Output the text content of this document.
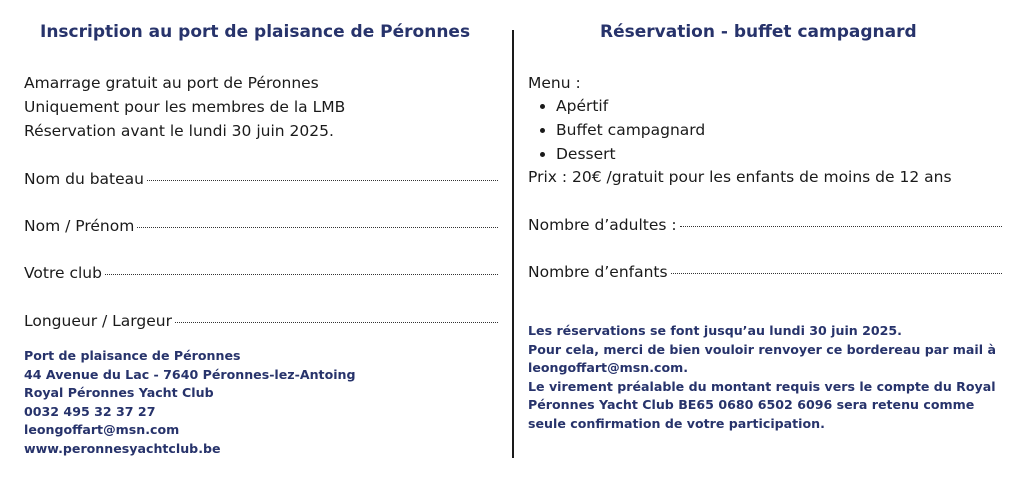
Inscription au port de plaisance de Péronnes
Amarrage gratuit au port de Péronnes
Uniquement pour les membres de la LMB
Réservation avant le lundi 30 juin 2025.
Nom du bateau
Nom / Prénom
Votre club
Longueur / Largeur
Port de plaisance de Péronnes
44 Avenue du Lac - 7640 Péronnes-lez-Antoing
Royal Péronnes Yacht Club
0032 495 32 37 27
leongoffart@msn.com
www.peronnesyachtclub.be
Réservation - buffet campagnard
Menu :
• Apértif
• Buffet campagnard
• Dessert
Prix : 20€ /gratuit pour les enfants de moins de 12 ans
Nombre d’adultes :
Nombre d’enfants
Les réservations se font jusqu’au lundi 30 juin 2025.
Pour cela, merci de bien vouloir renvoyer ce bordereau par mail à
leongoffart@msn.com.
Le virement préalable du montant requis vers le compte du Royal
Péronnes Yacht Club BE65 0680 6502 6096 sera retenu comme
seule confirmation de votre participation.
